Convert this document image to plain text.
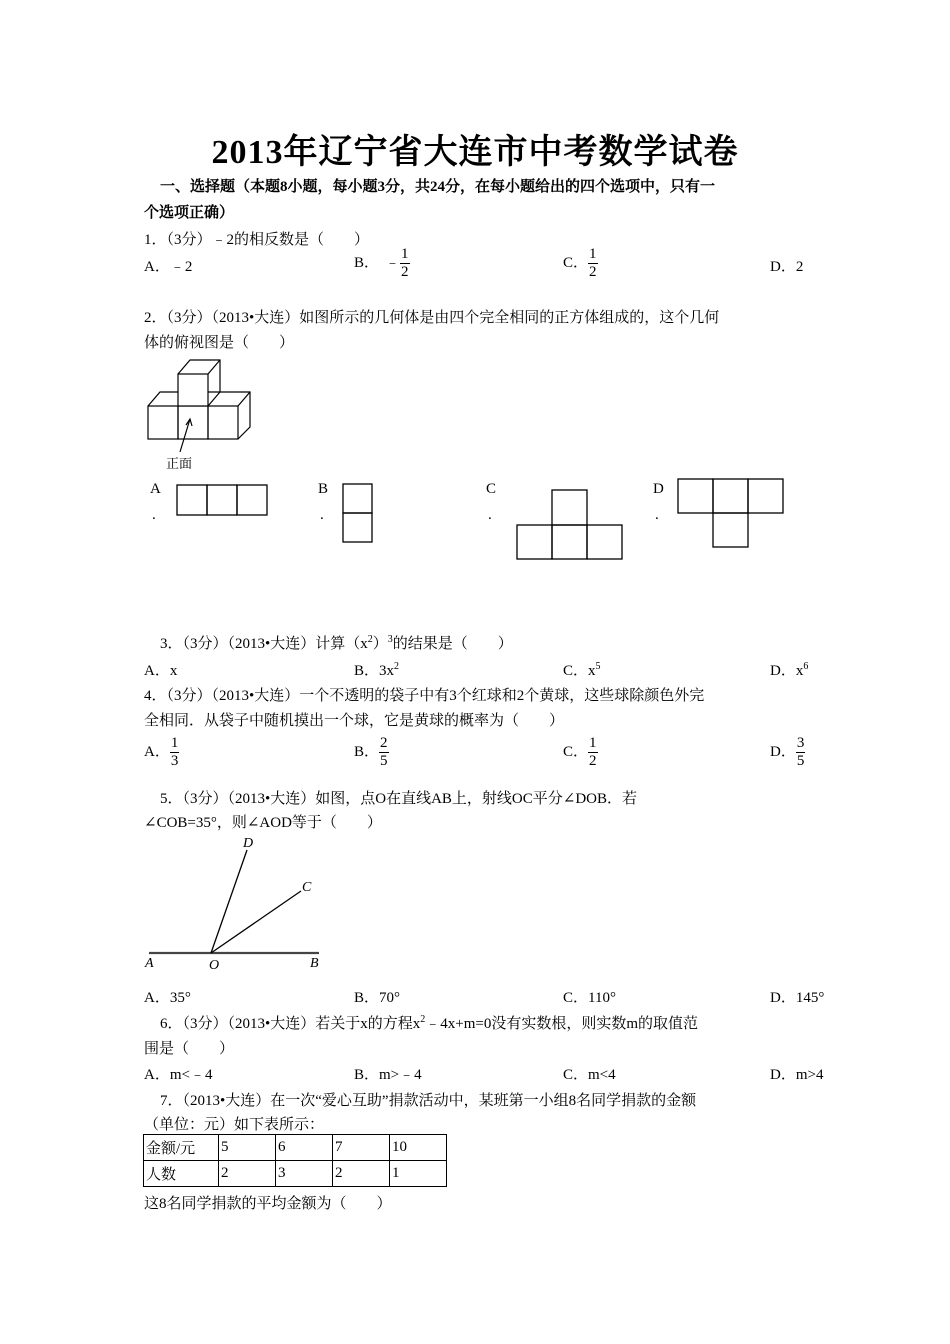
2013年辽宁省大连市中考数学试卷
一、选择题（本题8小题，每小题3分，共24分，在每小题给出的四个选项中，只有一
个选项正确）
1．（3分）﹣2的相反数是（　　）
A．﹣2	B． ﹣ $\frac{1}{2}$	C． $\frac{1}{2}$	D．2
2．（3分）（2013•大连）如图所示的几何体是由四个完全相同的正方体组成的，这个几何
体的俯视图是（　　）
正面
A
.
B
.
C
.
D
.
3．（3分）（2013•大连）计算$(x^2)^3$的结果是（　　）
A．x	B．$3x^2$	C．$x^5$	D．$x^6$
4．（3分）（2013•大连）一个不透明的袋子中有3个红球和2个黄球，这些球除颜色外完
全相同．从袋子中随机摸出一个球，它是黄球的概率为（　　）
A． $\frac{1}{3}$	B． $\frac{2}{5}$	C． $\frac{1}{2}$	D． $\frac{3}{5}$
5．（3分）（2013•大连）如图，点O在直线AB上，射线OC平分∠DOB．若
∠COB=35°，则∠AOD等于（　　）
D
C
A	O	B
A．35°	B．70°	C．110°	D．145°
6．（3分）（2013•大连）若关于x的方程$x^2﹣4x+m=0$没有实数根，则实数m的取值范
围是（　　）
A．m<﹣4	B．m>﹣4	C．m<4	D．m>4
7．（2013•大连）在一次“爱心互助”捐款活动中，某班第一小组8名同学捐款的金额
（单位：元）如下表所示：
金额/元	5	6	7	10
人数	2	3	2	1
这8名同学捐款的平均金额为（　　）
